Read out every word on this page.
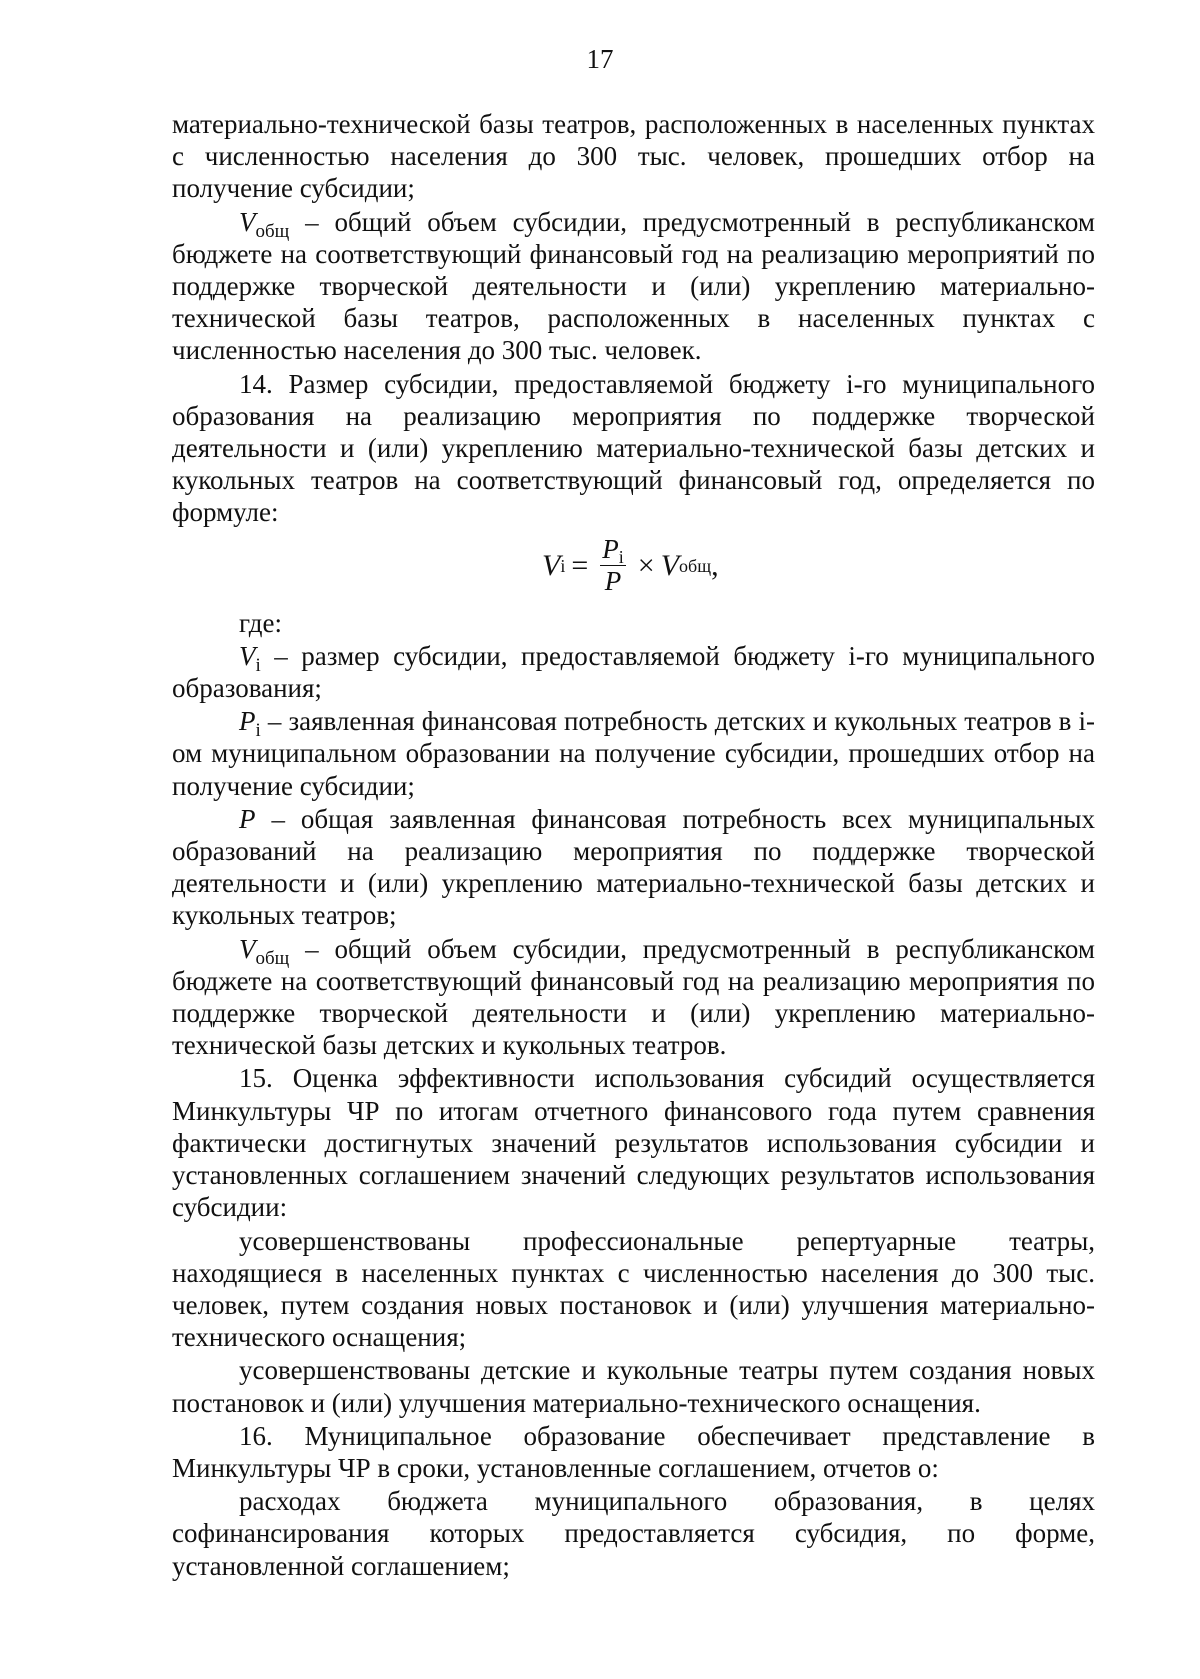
17

материально-технической базы театров, расположенных в населенных пунктах с численностью населения до 300 тыс. человек, прошедших отбор на получение субсидии;

$V_{общ}$ – общий объем субсидии, предусмотренный в республиканском бюджете на соответствующий финансовый год на реализацию мероприятий по поддержке творческой деятельности и (или) укреплению материально-технической базы театров, расположенных в населенных пунктах с численностью населения до 300 тыс. человек.

14. Размер субсидии, предоставляемой бюджету i-го муниципального образования на реализацию мероприятия по поддержке творческой деятельности и (или) укреплению материально-технической базы детских и кукольных театров на соответствующий финансовый год, определяется по формуле:

V $i = \frac{P_i}{P} \times V$ общ ,

где:

$V_i$ – размер субсидии, предоставляемой бюджету i-го муниципального образования;

$P_i$ – заявленная финансовая потребность детских и кукольных театров в i-ом муниципальном образовании на получение субсидии, прошедших отбор на получение субсидии;

P – общая заявленная финансовая потребность всех муниципальных образований на реализацию мероприятия по поддержке творческой деятельности и (или) укреплению материально-технической базы детских и кукольных театров;

$V_{общ}$ – общий объем субсидии, предусмотренный в республиканском бюджете на соответствующий финансовый год на реализацию мероприятия по поддержке творческой деятельности и (или) укреплению материально-технической базы детских и кукольных театров.

15. Оценка эффективности использования субсидий осуществляется Минкультуры ЧР по итогам отчетного финансового года путем сравнения фактически достигнутых значений результатов использования субсидии и установленных соглашением значений следующих результатов использования субсидии:

усовершенствованы профессиональные репертуарные театры, находящиеся в населенных пунктах с численностью населения до 300 тыс. человек, путем создания новых постановок и (или) улучшения материально-технического оснащения;

усовершенствованы детские и кукольные театры путем создания новых постановок и (или) улучшения материально-технического оснащения.

16. Муниципальное образование обеспечивает представление в Минкультуры ЧР в сроки, установленные соглашением, отчетов о:

расходах бюджета муниципального образования, в целях софинансирования которых предоставляется субсидия, по форме, установленной соглашением;
